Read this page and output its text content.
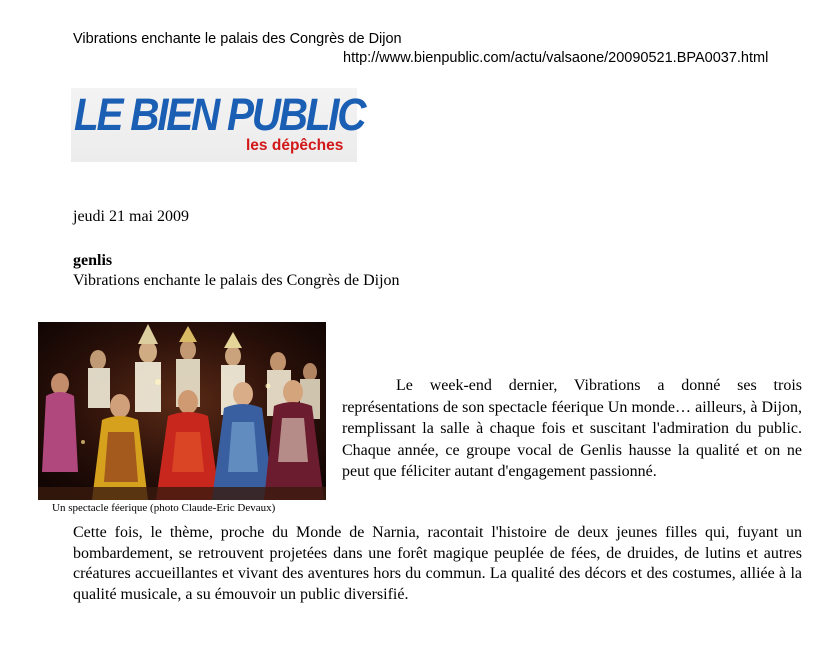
Vibrations enchante le palais des Congrès de Dijon
http://www.bienpublic.com/actu/valsaone/20090521.BPA0037.html
LE BIEN PUBLIC
les dépêches
jeudi 21 mai 2009
genlis
Vibrations enchante le palais des Congrès de Dijon
Un spectacle féerique (photo Claude-Eric Devaux)

Le week-end dernier, Vibrations a donné ses trois représentations de son spectacle féerique Un monde… ailleurs, à Dijon, remplissant la salle à chaque fois et suscitant l'admiration du public. Chaque année, ce groupe vocal de Genlis hausse la qualité et on ne peut que féliciter autant d'engagement passionné.

Cette fois, le thème, proche du Monde de Narnia, racontait l'histoire de deux jeunes filles qui, fuyant un bombardement, se retrouvent projetées dans une forêt magique peuplée de fées, de druides, de lutins et autres créatures accueillantes et vivant des aventures hors du commun. La qualité des décors et des costumes, alliée à la qualité musicale, a su émouvoir un public diversifié.
